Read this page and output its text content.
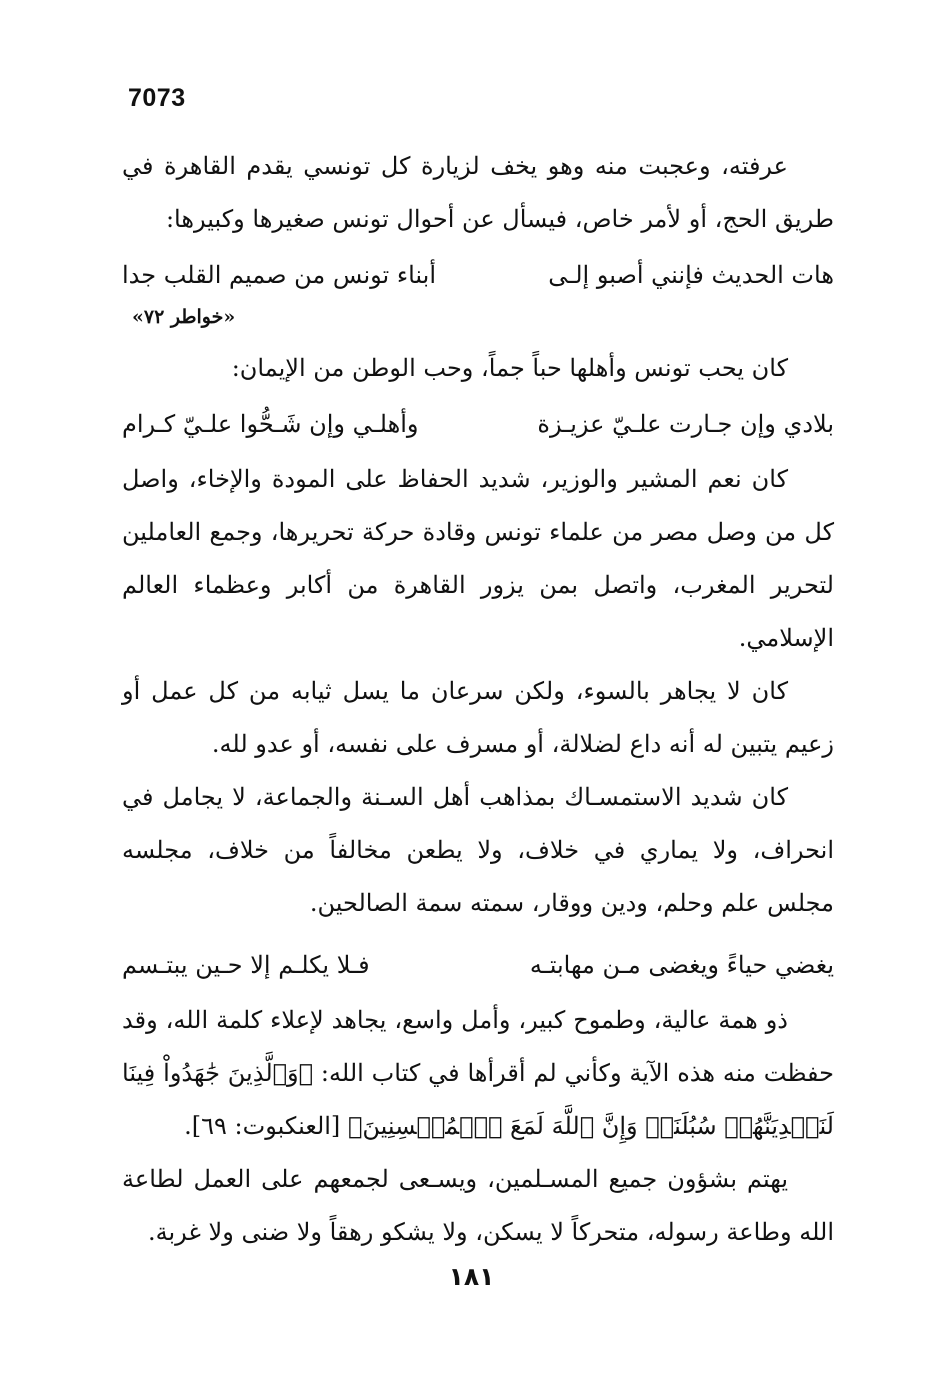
7073

عرفته، وعجبت منه وهو يخف لزيارة كل تونسي يقدم القاهرة في طريق الحج، أو لأمر خاص، فيسأل عن أحوال تونس صغيرها وكبيرها:

هات الحديث فإنني أصبو إلـى
أبناء تونس من صميم القلب جدا
«خواطر ٧٢»

كان يحب تونس وأهلها حباً جماً، وحب الوطن من الإيمان:

بلادي وإن جـارت علـيّ عزيـزة
وأهلـي وإن شَـحُّوا علـيّ كـرام

كان نعم المشير والوزير، شديد الحفاظ على المودة والإخاء، واصل كل من وصل مصر من علماء تونس وقادة حركة تحريرها، وجمع العاملين لتحرير المغرب، واتصل بمن يزور القاهرة من أكابر وعظماء العالم الإسلامي.

كان لا يجاهر بالسوء، ولكن سرعان ما يسل ثيابه من كل عمل أو زعيم يتبين له أنه داع لضلالة، أو مسرف على نفسه، أو عدو لله.

كان شديد الاستمسـاك بمذاهب أهل السـنة والجماعة، لا يجامل في انحراف، ولا يماري في خلاف، ولا يطعن مخالفاً من خلاف، مجلسه مجلس علم وحلم، ودين ووقار، سمته سمة الصالحين.

يغضي حياءً ويغضى مـن مهابتـه
فـلا يكلـم إلا حـين يبتـسم

ذو همة عالية، وطموح كبير، وأمل واسع، يجاهد لإعلاء كلمة الله، وقد حفظت منه هذه الآية وكأني لم أقرأها في كتاب الله: ﴿وَٱلَّذِينَ جَٰهَدُواْ فِينَا لَنَهۡدِيَنَّهُمۡ سُبُلَنَاۚ وَإِنَّ ٱللَّهَ لَمَعَ ٱلۡمُحۡسِنِينَ﴾ [العنكبوت: ٦٩].

يهتم بشؤون جميع المسـلمين، ويسـعى لجمعهم على العمل لطاعة الله وطاعة رسوله، متحركاً لا يسكن، ولا يشكو رهقاً ولا ضنى ولا غربة.

١٨١
